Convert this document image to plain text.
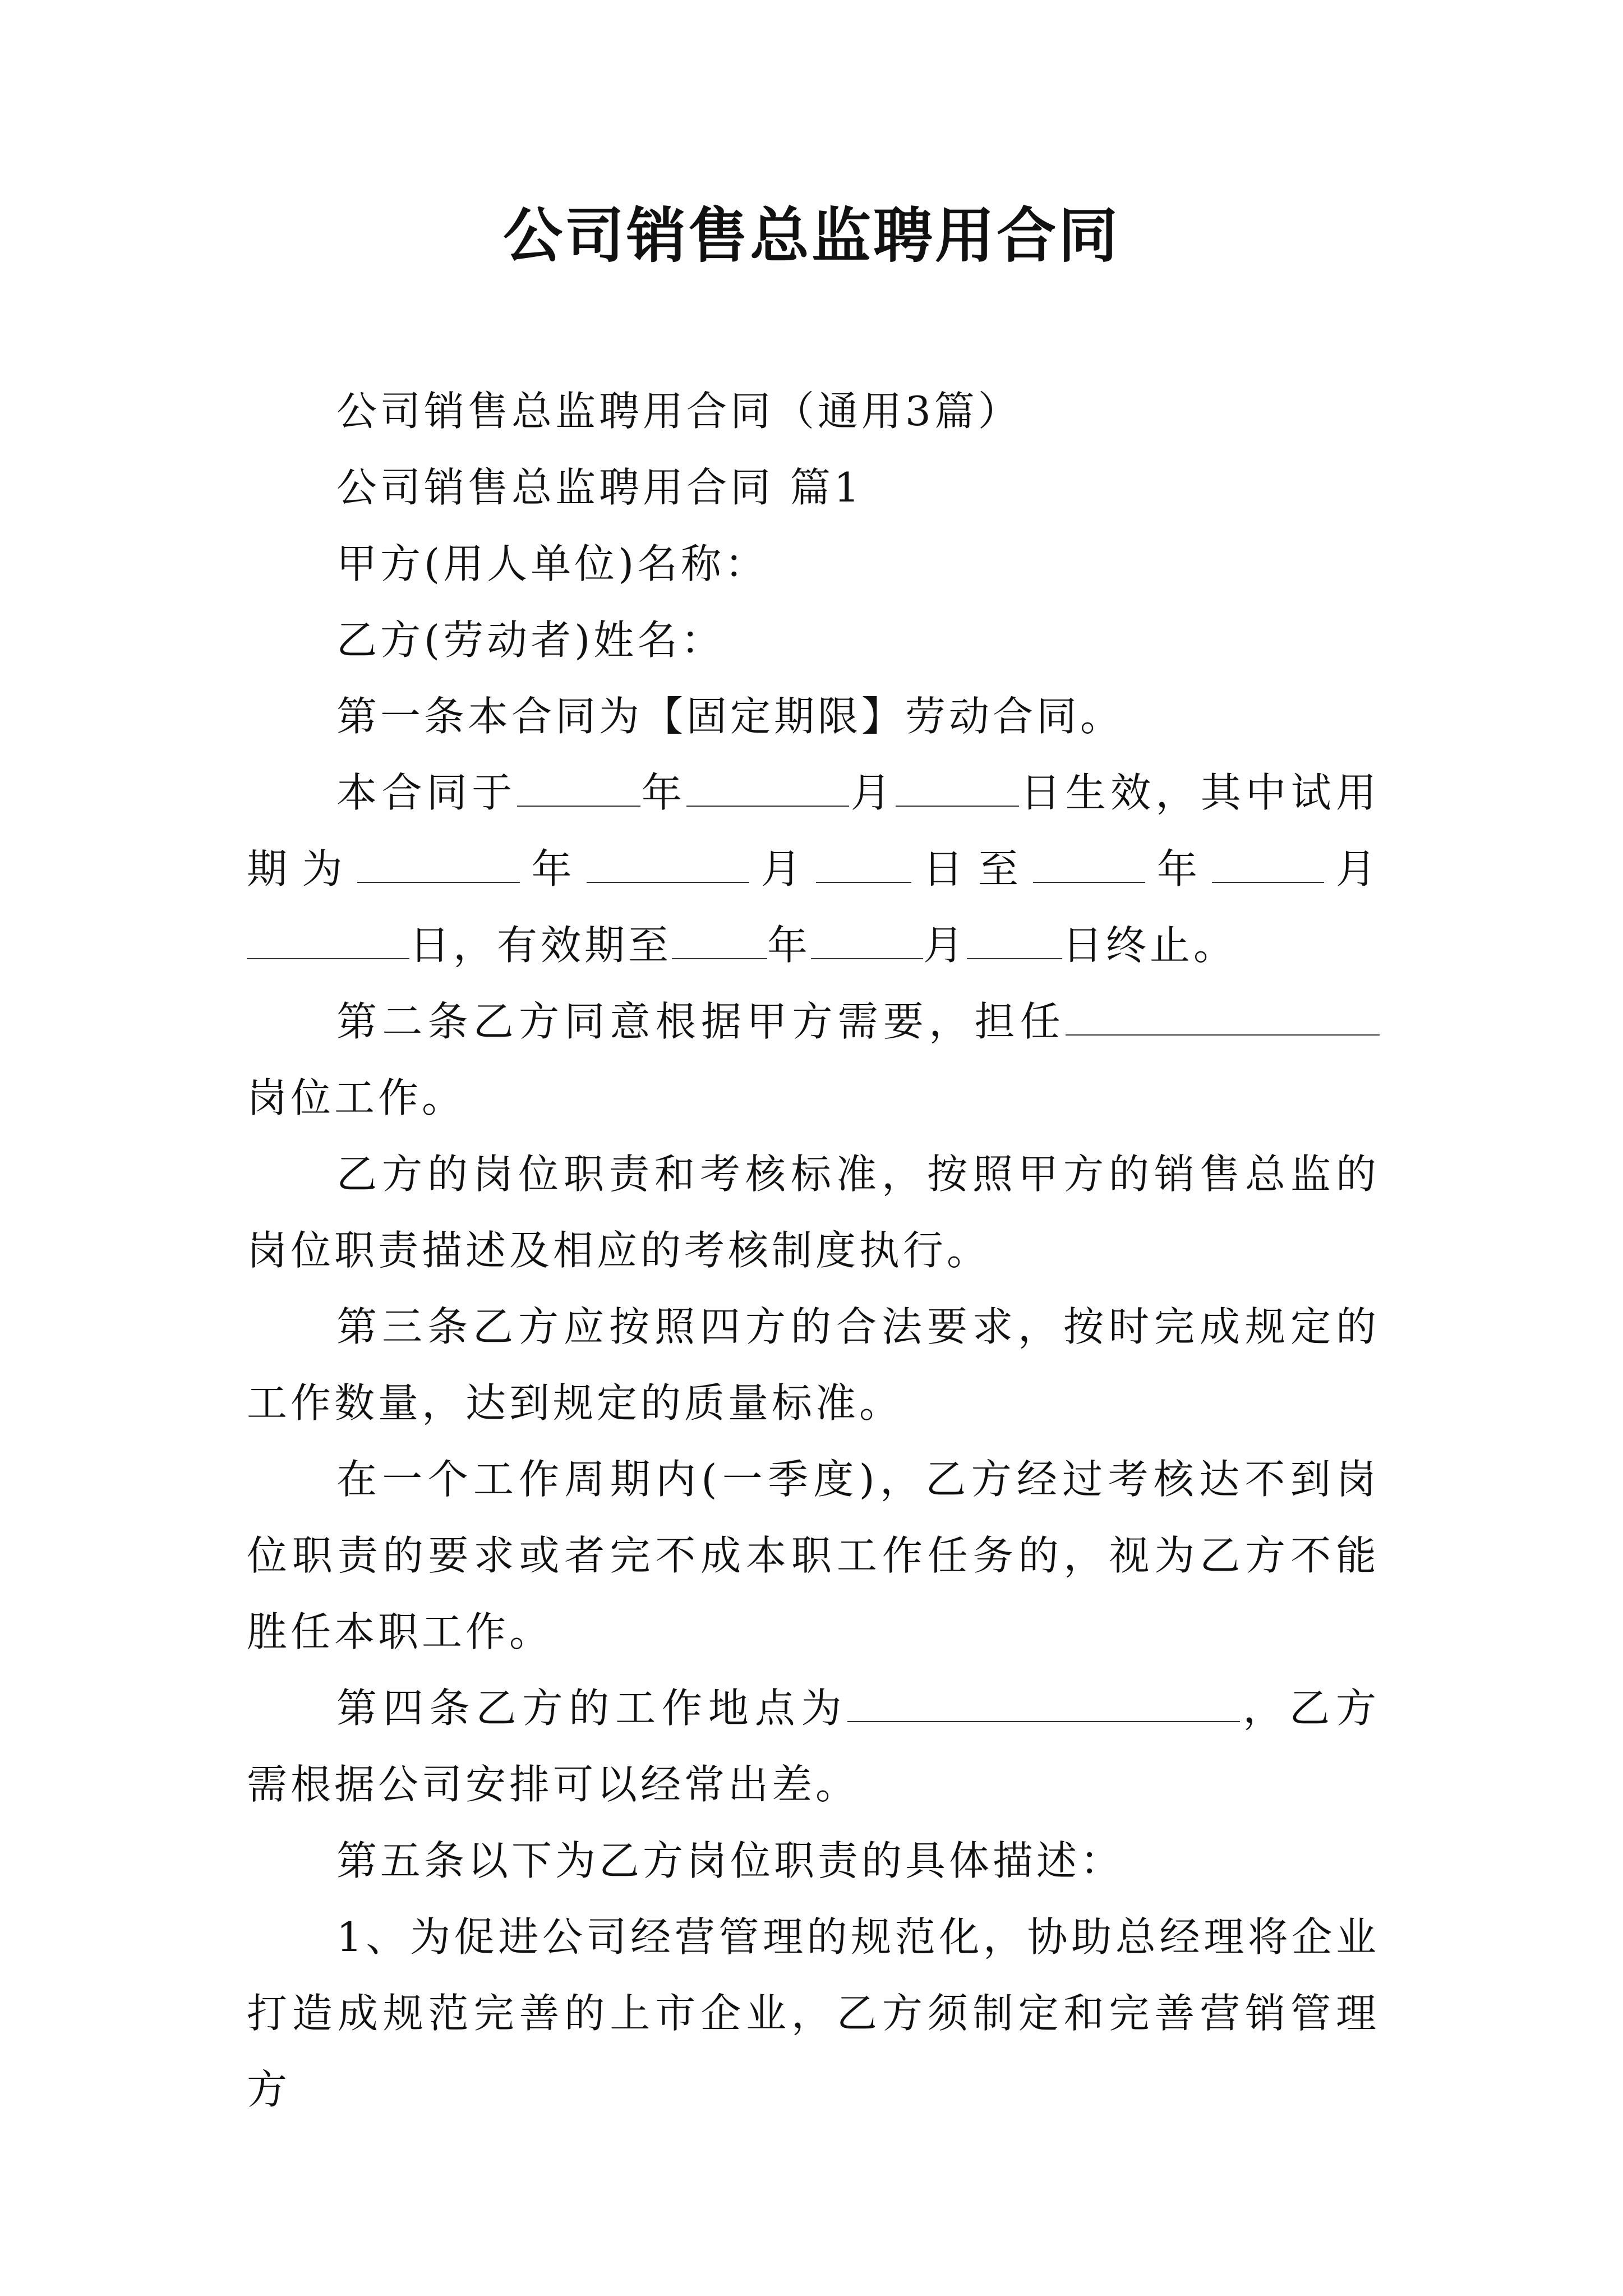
公司销售总监聘用合同

公司销售总监聘用合同（通用3篇）

公司销售总监聘用合同 篇1

甲方(用人单位)名称：

乙方(劳动者)姓名：

第一条本合同为【固定期限】劳动合同。

本合同于	年	月	日生效，其中试用期为	年	月 日至	年	月日，有效期至 年	月 日终止。

第二条乙方同意根据甲方需要，担任岗位工作。

乙方的岗位职责和考核标准，按照甲方的销售总监的岗位职责描述及相应的考核制度执行。

第三条乙方应按照四方的合法要求，按时完成规定的工作数量，达到规定的质量标准。

在一个工作周期内(一季度)，乙方经过考核达不到岗位职责的要求或者完不成本职工作任务的，视为乙方不能胜任本职工作。

第四条乙方的工作地点为	，乙方需根据公司安排可以经常出差。

第五条以下为乙方岗位职责的具体描述：

1、为促进公司经营管理的规范化，协助总经理将企业打造成规范完善的上市企业，乙方须制定和完善营销管理方
